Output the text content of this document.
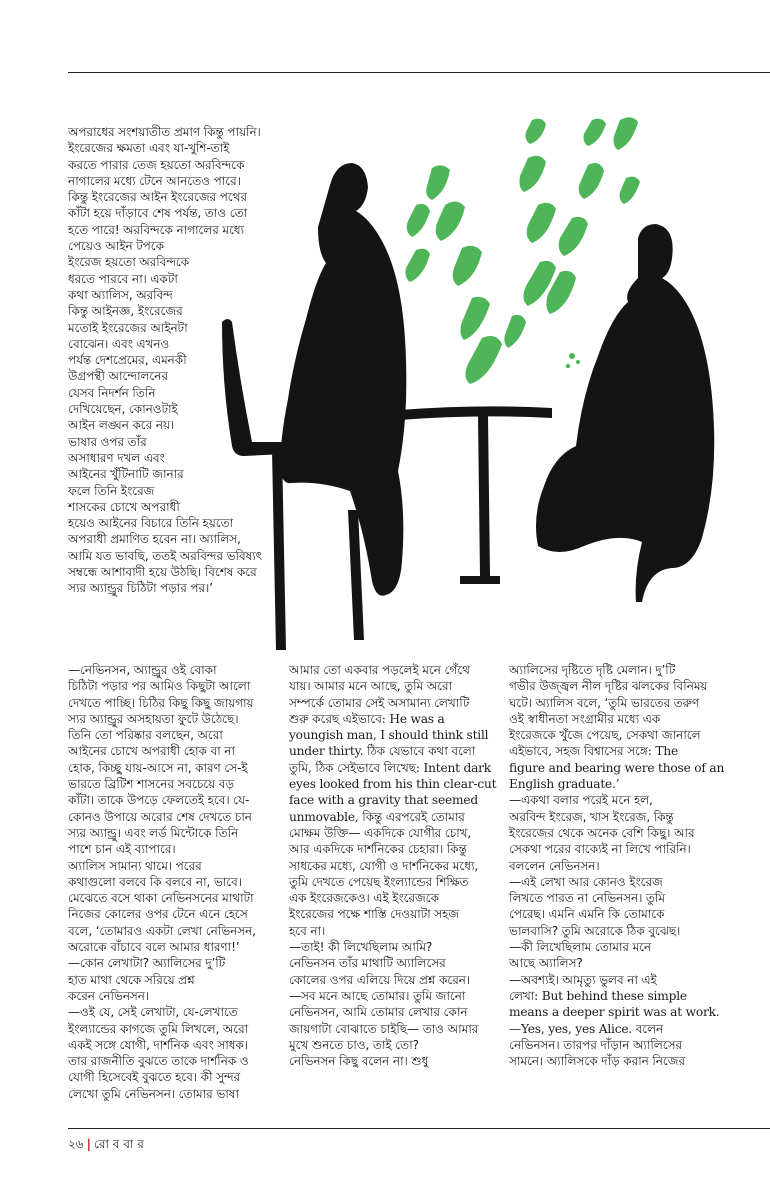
অপরাধের সংশয়াতীত প্রমাণ কিন্তু পায়নি।
ইংরেজের ক্ষমতা এবং যা-খুশি-তাই
করতে পারার তেজ হয়তো অরবিন্দকে
নাগালের মধ্যে টেনে আনতেও পারে।
কিন্তু ইংরেজের আইন ইংরেজের পথের
কাঁটা হয়ে দাঁড়াবে শেষ পর্যন্ত, তাও তো
হতে পারে! অরবিন্দকে নাগালের মধ্যে
পেয়েও আইন টপকে
ইংরেজ হয়তো অরবিন্দকে
ধরতে পারবে না। একটা
কথা অ্যালিস, অরবিন্দ
কিন্তু আইনজ্ঞ, ইংরেজের
মতোই ইংরেজের আইনটা
বোঝেন। এবং এখনও
পর্যন্ত দেশপ্রেমের, এমনকী
উগ্রপন্থী আন্দোলনের
যেসব নিদর্শন তিনি
দেখিয়েছেন, কোনওটাই
আইন লঙ্ঘন করে নয়।
ভাষার ওপর তাঁর
অসাধারণ দখল এবং
আইনের খুঁটিনাটি জানার
ফলে তিনি ইংরেজ
শাসকের চোখে অপরাধী
হয়েও আইনের বিচারে তিনি হয়তো
অপরাধী প্রমাণিত হবেন না। অ্যালিস,
আমি যত ভাবছি, ততই অরবিন্দর ভবিষ্যৎ
সম্বন্ধে আশাবাদী হয়ে উঠছি। বিশেষ করে
স্যর অ্যান্ড্রুর চিঠিটা পড়ার পর।’
—নেভিনসন, অ্যান্ড্রুর ওই বোকা
চিঠিটা পড়ার পর আমিও কিছুটা আলো
দেখতে পাচ্ছি। চিঠির কিছু কিছু জায়গায়
স্যর অ্যান্ড্রুর অসহায়তা ফুটে উঠেছে।
তিনি তো পরিষ্কার বলছেন, অরো
আইনের চোখে অপরাধী হোক বা না
হোক, কিচ্ছু যায়-আসে না, কারণ সে-ই
ভারতে ব্রিটিশ শাসনের সবচেয়ে বড়
কাঁটা। তাকে উপড়ে ফেলতেই হবে। যে-
কোনও উপায়ে অরোর শেষ দেখতে চান
স্যর অ্যান্ড্রু। এবং লর্ড মিন্টোকে তিনি
পাশে চান এই ব্যাপারে।
অ্যালিস সামান্য থামে। পরের
কথাগুলো বলবে কি বলবে না, ভাবে।
মেঝেতে বসে থাকা নেভিনসনের মাথাটা
নিজের কোলের ওপর টেনে এনে হেসে
বলে, ‘তোমারও একটা লেখা নেভিনসন,
অরোকে বাঁচাবে বলে আমার ধারণা!’
—কোন লেখাটা? অ্যালিসের দু’টি
হাত মাথা থেকে সরিয়ে প্রশ্ন
করেন নেভিনসন।
—ওই যে, সেই লেখাটা, যে-লেখাতে
ইংল্যান্ডের কাগজে তুমি লিখলে, অরো
একই সঙ্গে যোগী, দার্শনিক এবং সাধক।
তার রাজনীতি বুঝতে তাকে দার্শনিক ও
যোগী হিসেবেই বুঝতে হবে। কী সুন্দর
লেখো তুমি নেভিনসন। তোমার ভাষা
আমার তো একবার পড়লেই মনে গেঁথে
যায়। আমার মনে আছে, তুমি অরো
সম্পর্কে তোমার সেই অসামান্য লেখাটি
শুরু করেছ এইভাবে: He was a
youngish man, I should think still
under thirty. ঠিক যেভাবে কথা বলো
তুমি, ঠিক সেইভাবে লিখেছ: Intent dark
eyes looked from his thin clear-cut
face with a gravity that seemed
unmovable, কিন্তু এরপরেই তোমার
মোক্ষম উক্তি— একদিকে যোগীর চোখ,
আর একদিকে দার্শনিকের চেহারা। কিন্তু
সাধকের মধ্যে, যোগী ও দার্শনিকের মধ্যে,
তুমি দেখতে পেয়েছ ইংল্যান্ডের শিক্ষিত
এক ইংরেজকেও। এই ইংরেজকে
ইংরেজের পক্ষে শাস্তি দেওয়াটা সহজ
হবে না।
—তাই! কী লিখেছিলাম আমি?
নেভিনসন তাঁর মাথাটি অ্যালিসের
কোলের ওপর এলিয়ে দিয়ে প্রশ্ন করেন।
—সব মনে আছে তোমার। তুমি জানো
নেভিনসন, আমি তোমার লেখার কোন
জায়গাটা বোঝাতে চাইছি— তাও আমার
মুখে শুনতে চাও, তাই তো?
নেভিনসন কিছু বলেন না। শুধু
অ্যালিসের দৃষ্টিতে দৃষ্টি মেলান। দু’টি
গভীর উজ্জ্বল নীল দৃষ্টির ঝলকের বিনিময়
ঘটে। অ্যালিস বলে, ‘তুমি ভারতের তরুণ
ওই স্বাধীনতা সংগ্রামীর মধ্যে এক
ইংরেজকে খুঁজে পেয়েছ, সেকথা জানালে
এইভাবে, সহজ বিশ্বাসের সঙ্গে: The
figure and bearing were those of an
English graduate.’
—একথা বলার পরেই মনে হল,
অরবিন্দ ইংরেজ, খাস ইংরেজ, কিন্তু
ইংরেজের থেকে অনেক বেশি কিছু। আর
সেকথা পরের বাক্যেই না লিখে পারিনি।
বললেন নেভিনসন।
—এই লেখা আর কোনও ইংরেজ
লিখতে পারত না নেভিনসন। তুমি
পেরেছ। এমনি এমনি কি তোমাকে
ভালবাসি? তুমি অরোকে ঠিক বুঝেছ।
—কী লিখেছিলাম তোমার মনে
আছে অ্যালিস?
—অবশ্যই। আমৃত্যু ভুলব না এই
লেখা: But behind these simple
means a deeper spirit was at work.
—Yes, yes, yes Alice. বলেন
নেভিনসন। তারপর দাঁড়ান অ্যালিসের
সামনে। অ্যালিসকে দাঁড় করান নিজের
২৬ | রো ব বা র
